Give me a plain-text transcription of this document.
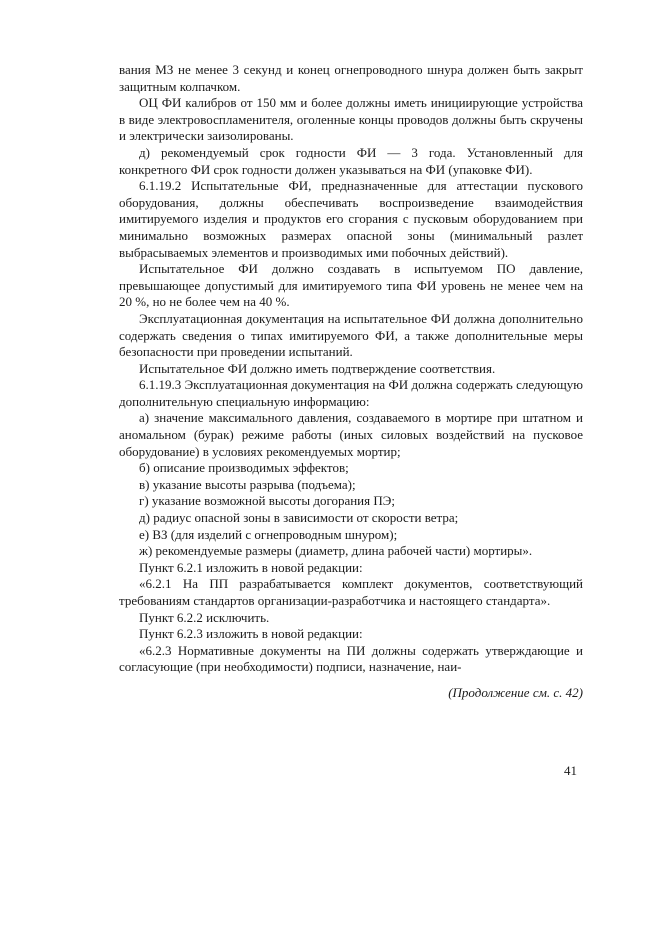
вания МЗ не менее 3 секунд и конец огнепроводного шнура должен быть закрыт защитным колпачком.

ОЦ ФИ калибров от 150 мм и более должны иметь инициирующие устройства в виде электровоспламенителя, оголенные концы проводов должны быть скручены и электрически заизолированы.

д) рекомендуемый срок годности ФИ — 3 года. Установленный для конкретного ФИ срок годности должен указываться на ФИ (упаковке ФИ).

6.1.19.2 Испытательные ФИ, предназначенные для аттестации пускового оборудования, должны обеспечивать воспроизведение взаимодействия имитируемого изделия и продуктов его сгорания с пусковым оборудованием при минимально возможных размерах опасной зоны (минимальный разлет выбрасываемых элементов и производимых ими побочных действий).

Испытательное ФИ должно создавать в испытуемом ПО давление, превышающее допустимый для имитируемого типа ФИ уровень не менее чем на 20 %, но не более чем на 40 %.

Эксплуатационная документация на испытательное ФИ должна дополнительно содержать сведения о типах имитируемого ФИ, а также дополнительные меры безопасности при проведении испытаний.

Испытательное ФИ должно иметь подтверждение соответствия.

6.1.19.3 Эксплуатационная документация на ФИ должна содержать следующую дополнительную специальную информацию:

а) значение максимального давления, создаваемого в мортире при штатном и аномальном (бурак) режиме работы (иных силовых воздействий на пусковое оборудование) в условиях рекомендуемых мортир;

б) описание производимых эффектов;

в) указание высоты разрыва (подъема);

г) указание возможной высоты догорания ПЭ;

д) радиус опасной зоны в зависимости от скорости ветра;

е) ВЗ (для изделий с огнепроводным шнуром);

ж) рекомендуемые размеры (диаметр, длина рабочей части) мортиры».

Пункт 6.2.1 изложить в новой редакции:

«6.2.1 На ПП разрабатывается комплект документов, соответствующий требованиям стандартов организации-разработчика и настоящего стандарта».

Пункт 6.2.2 исключить.

Пункт 6.2.3 изложить в новой редакции:

«6.2.3 Нормативные документы на ПИ должны содержать утверждающие и согласующие (при необходимости) подписи, назначение, наи-

(Продолжение см. с. 42)
41
